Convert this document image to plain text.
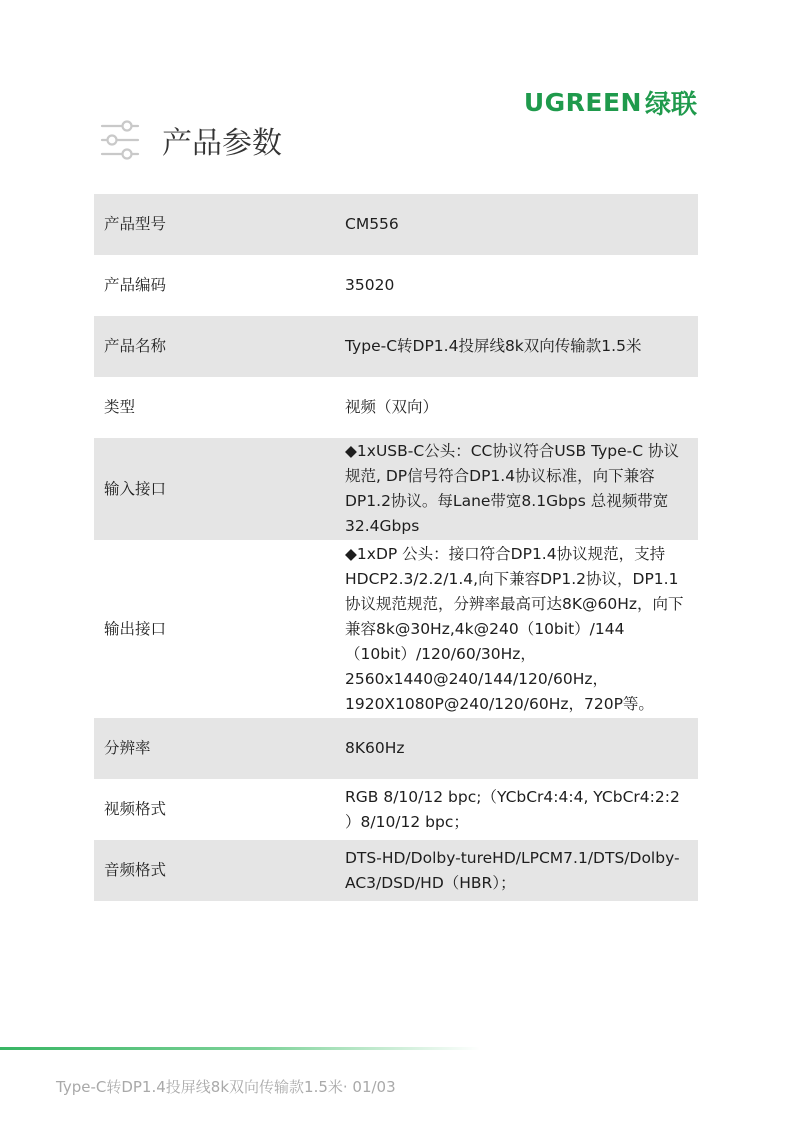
UGREEN 绿联
产品参数
产品型号	CM556
产品编码	35020
产品名称	Type-C转DP1.4投屏线8k双向传输款1.5米
类型	视频（双向）
输入接口	◆1xUSB-C公头：CC协议符合USB Type-C 协议规范, DP信号符合DP1.4协议标准，向下兼容DP1.2协议。每Lane带宽8.1Gbps 总视频带宽32.4Gbps
输出接口	◆1xDP 公头：接口符合DP1.4协议规范，支持HDCP2.3/2.2/1.4,向下兼容DP1.2协议，DP1.1协议规范规范，分辨率最高可达8K@60Hz，向下兼容8k@30Hz,4k@240（10bit）/144（10bit）/120/60/30Hz，2560x1440@240/144/120/60Hz，1920X1080P@240/120/60Hz，720P等。
分辨率	8K60Hz
视频格式	RGB 8/10/12 bpc;（YCbCr4:4:4, YCbCr4:2:2 ）8/10/12 bpc；
音频格式	DTS-HD/Dolby-tureHD/LPCM7.1/DTS/Dolby-AC3/DSD/HD（HBR）；
Type-C转DP1.4投屏线8k双向传输款1.5米· 01/03
